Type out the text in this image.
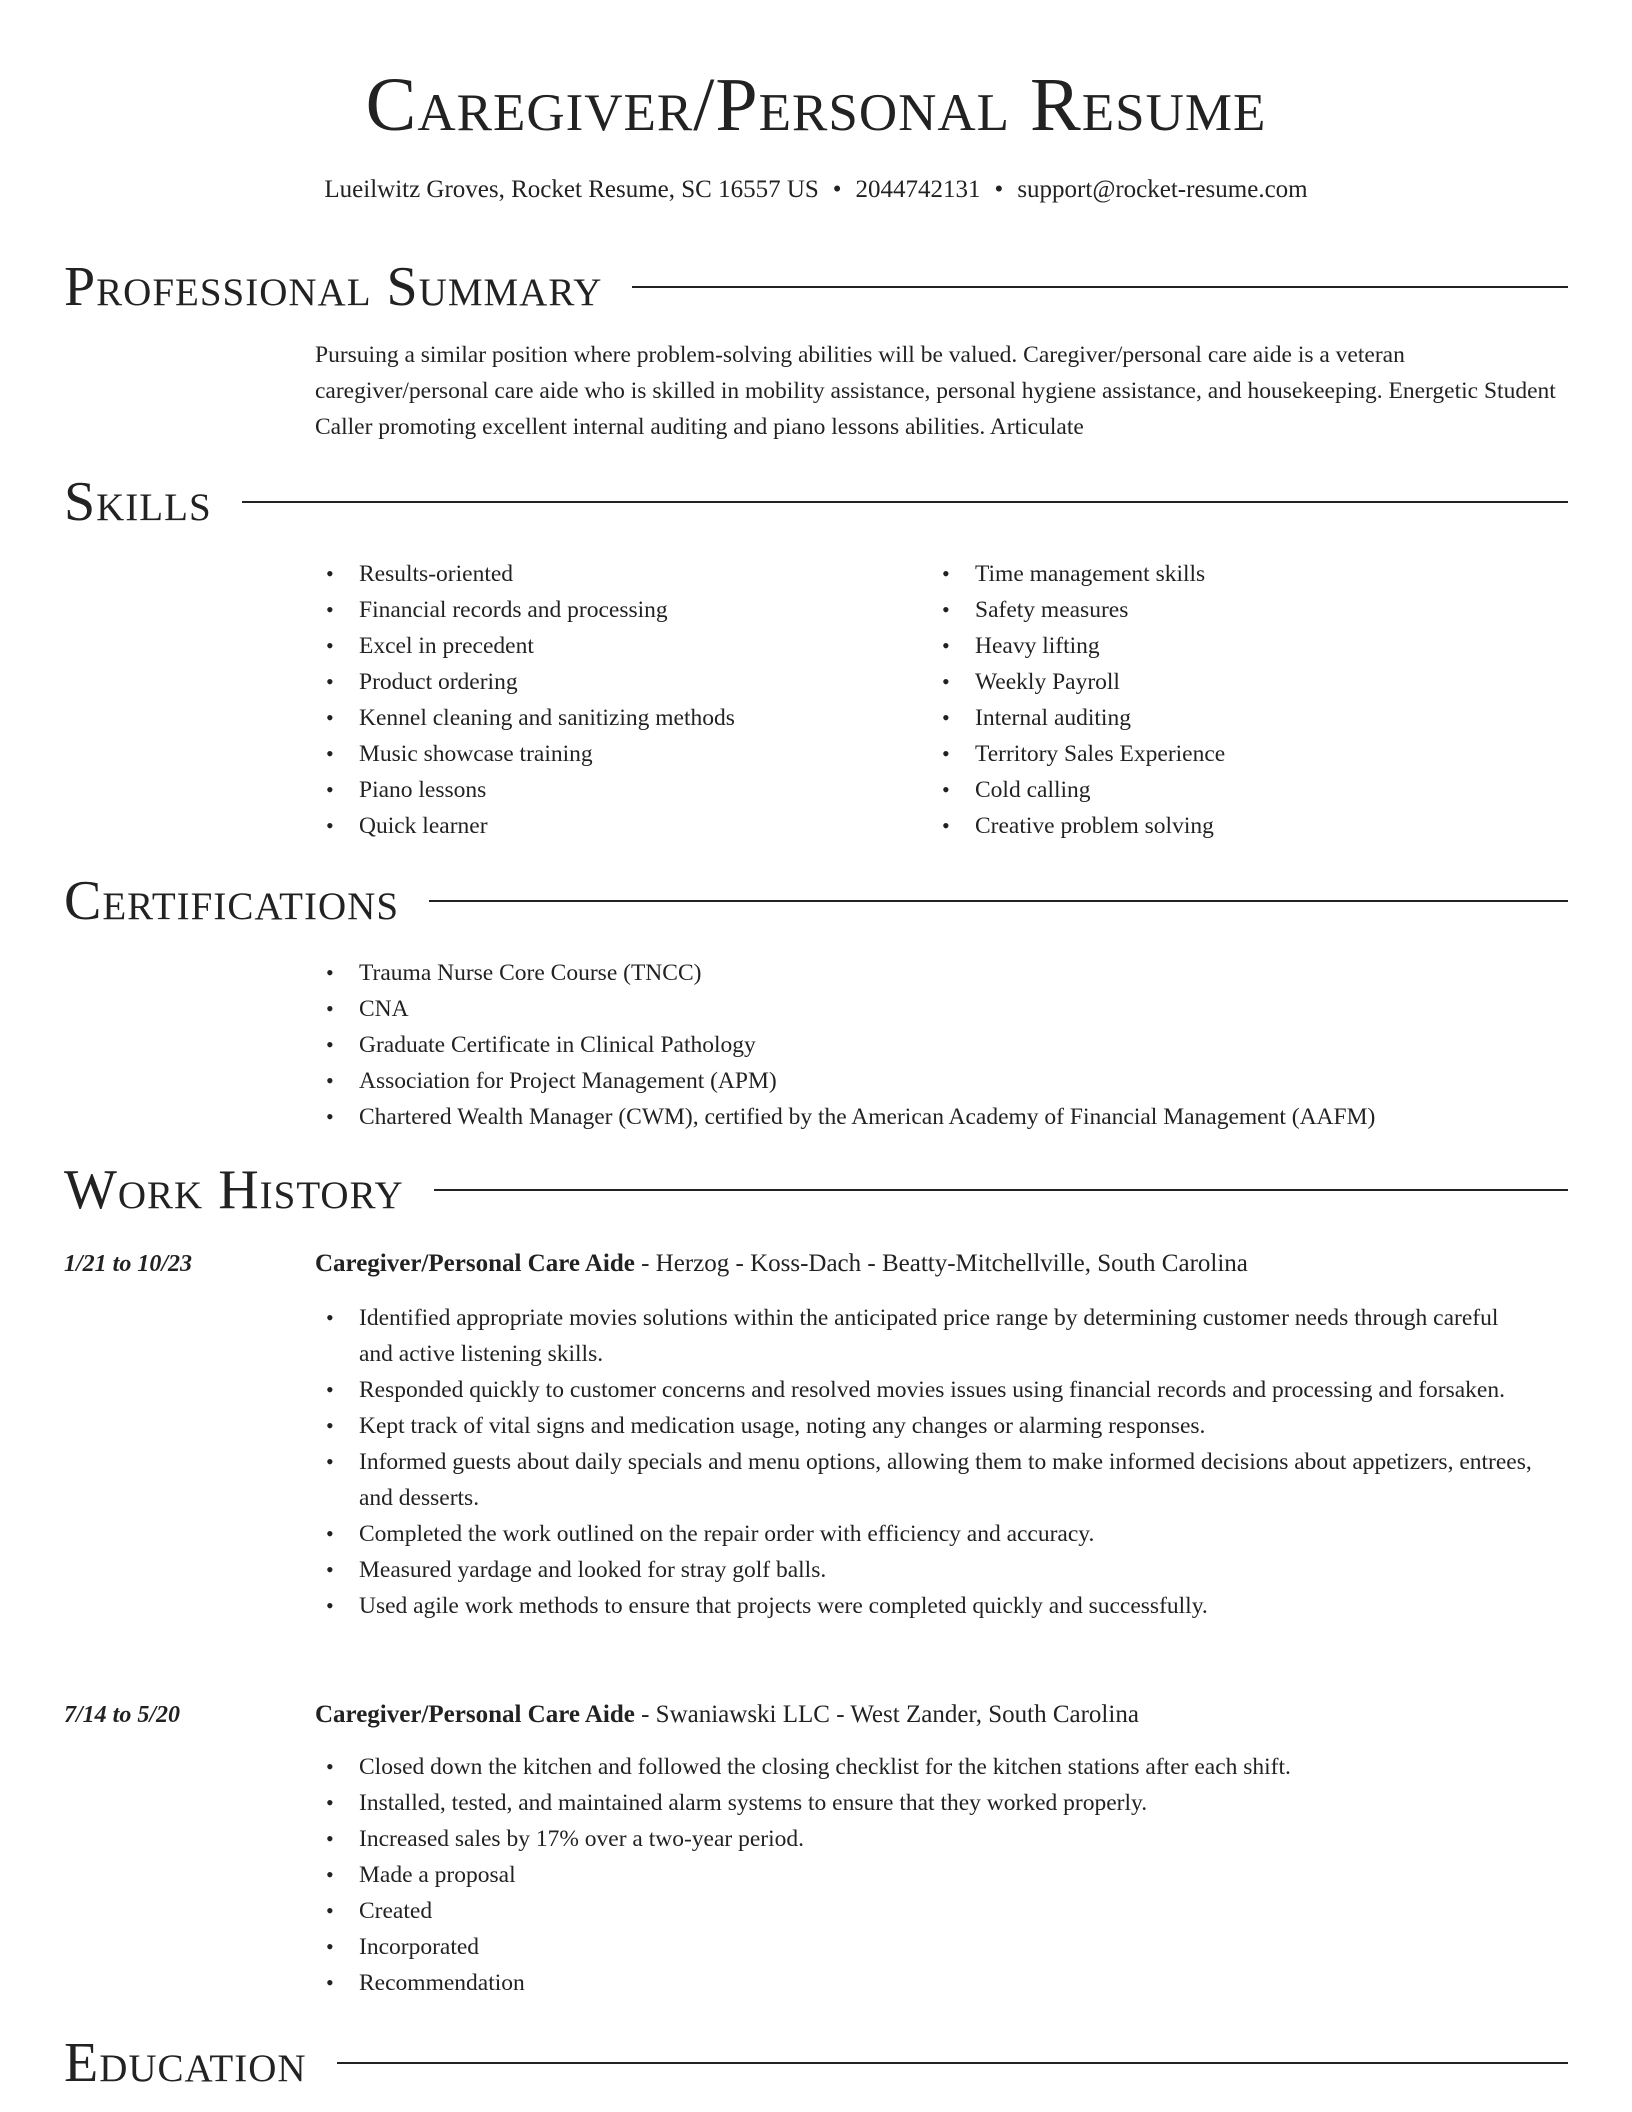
Caregiver/Personal Resume
Lueilwitz Groves, Rocket Resume, SC 16557 US • 2044742131 • support@rocket-resume.com
Professional Summary

Pursuing a similar position where problem-solving abilities will be valued. Caregiver/personal care aide is a veteran caregiver/personal care aide who is skilled in mobility assistance, personal hygiene assistance, and housekeeping. Energetic Student Caller promoting excellent internal auditing and piano lessons abilities. Articulate

Skills
• Results-oriented
• Financial records and processing
• Excel in precedent
• Product ordering
• Kennel cleaning and sanitizing methods
• Music showcase training
• Piano lessons
• Quick learner
• Time management skills
• Safety measures
• Heavy lifting
• Weekly Payroll
• Internal auditing
• Territory Sales Experience
• Cold calling
• Creative problem solving
Certifications
• Trauma Nurse Core Course (TNCC)
• CNA
• Graduate Certificate in Clinical Pathology
• Association for Project Management (APM)
• Chartered Wealth Manager (CWM), certified by the American Academy of Financial Management (AAFM)
Work History
1/21 to 10/23	Caregiver/Personal Care Aide - Herzog - Koss-Dach - Beatty-Mitchellville, South Carolina
• Identified appropriate movies solutions within the anticipated price range by determining customer needs through careful and active listening skills.
• Responded quickly to customer concerns and resolved movies issues using financial records and processing and forsaken.
• Kept track of vital signs and medication usage, noting any changes or alarming responses.
• Informed guests about daily specials and menu options, allowing them to make informed decisions about appetizers, entrees, and desserts.
• Completed the work outlined on the repair order with efficiency and accuracy.
• Measured yardage and looked for stray golf balls.
• Used agile work methods to ensure that projects were completed quickly and successfully.
7/14 to 5/20	Caregiver/Personal Care Aide - Swaniawski LLC - West Zander, South Carolina
• Closed down the kitchen and followed the closing checklist for the kitchen stations after each shift.
• Installed, tested, and maintained alarm systems to ensure that they worked properly.
• Increased sales by 17% over a two-year period.
• Made a proposal
• Created
• Incorporated
• Recommendation
Education
